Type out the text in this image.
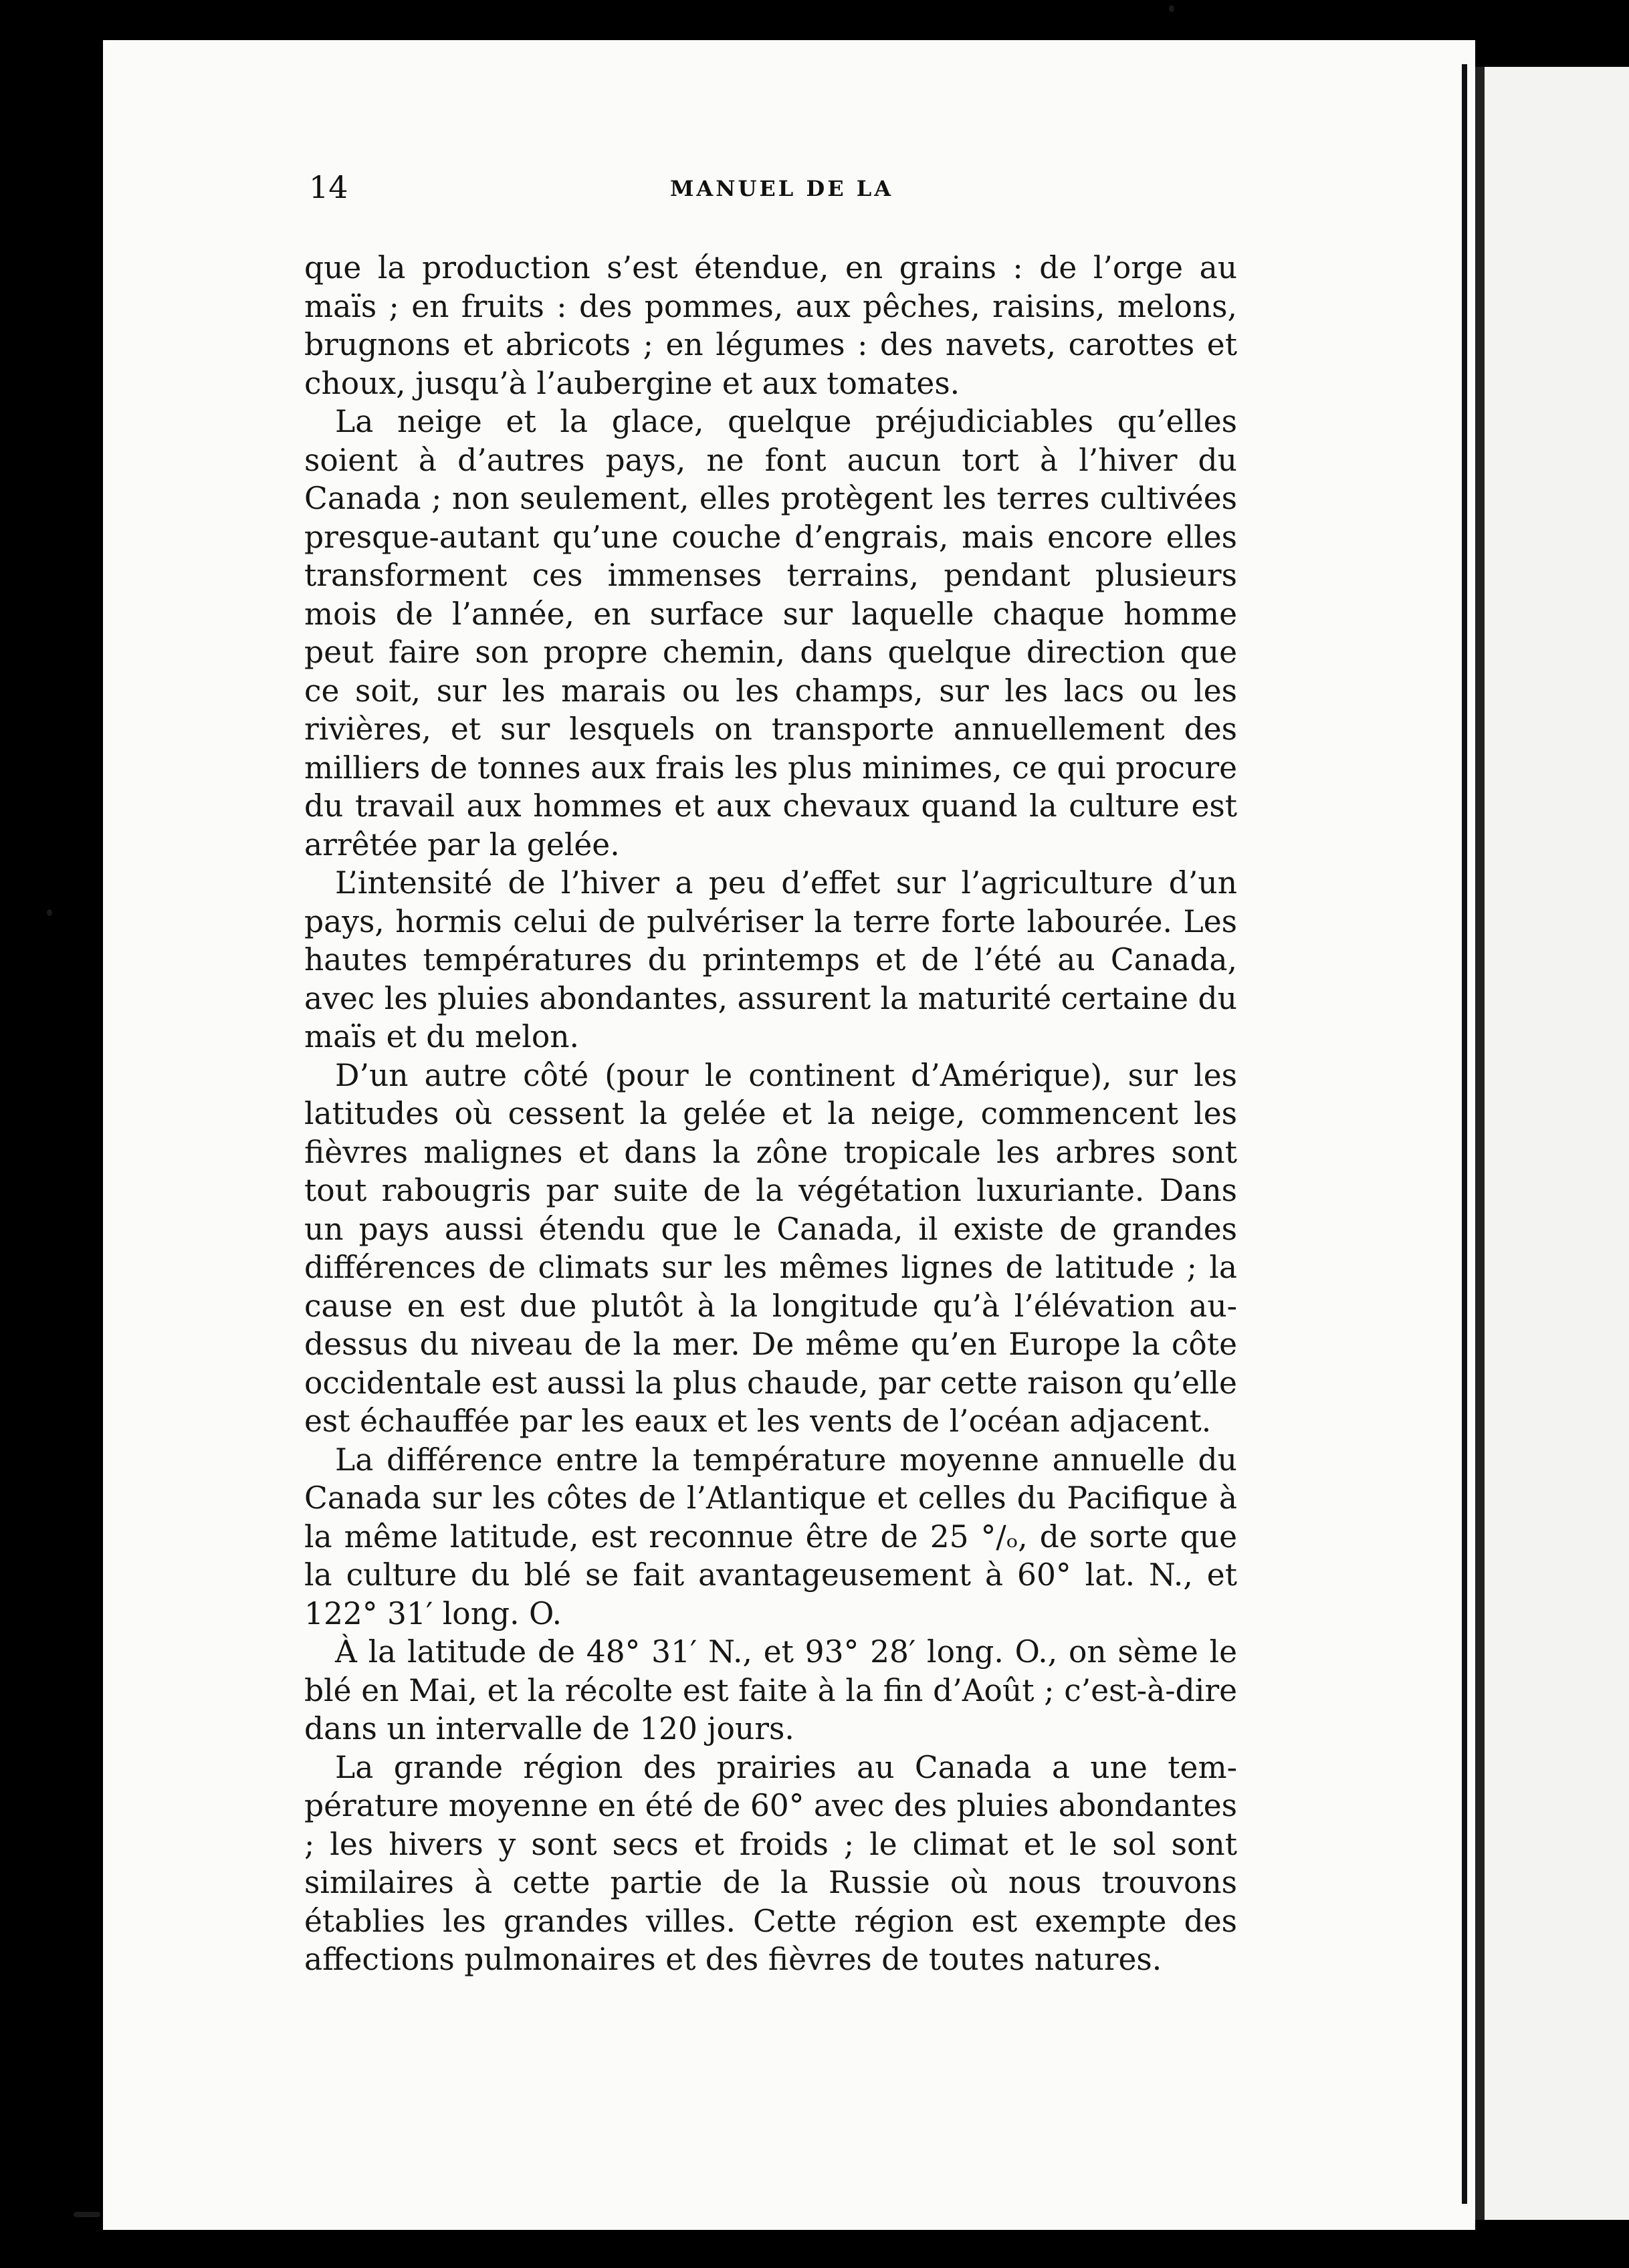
14	MANUEL DE LA

que la production s’est étendue, en grains : de l’orge au maïs ; en fruits : des pommes, aux pêches, raisins, melons, brugnons et abricots ; en légumes : des navets, carottes et choux, jusqu’à l’aubergine et aux tomates.

La neige et la glace, quelque préjudiciables qu’elles soient à d’autres pays, ne font aucun tort à l’hiver du Canada ; non seulement, elles protègent les terres cultivées presque-autant qu’une couche d’engrais, mais encore elles transforment ces immenses terrains, pendant plusieurs mois de l’année, en surface sur laquelle chaque homme peut faire son propre chemin, dans quelque direction que ce soit, sur les marais ou les champs, sur les lacs ou les rivières, et sur lesquels on transporte annuellement des milliers de tonnes aux frais les plus minimes, ce qui procure du travail aux hommes et aux chevaux quand la culture est arrêtée par la gelée.

L’intensité de l’hiver a peu d’effet sur l’agriculture d’un pays, hormis celui de pulvériser la terre forte labourée. Les hautes températures du printemps et de l’été au Canada, avec les pluies abondantes, assurent la maturité certaine du maïs et du melon.

D’un autre côté (pour le continent d’Amérique), sur les latitudes où cessent la gelée et la neige, commencent les fièvres malignes et dans la zône tropicale les arbres sont tout rabougris par suite de la végétation luxuriante. Dans un pays aussi étendu que le Canada, il existe de grandes différences de climats sur les mêmes lignes de latitude ; la cause en est due plutôt à la longitude qu’à l’élévation au-dessus du niveau de la mer. De même qu’en Europe la côte occidentale est aussi la plus chaude, par cette raison qu’elle est échauffée par les eaux et les vents de l’océan adjacent.

La différence entre la température moyenne annuelle du Canada sur les côtes de l’Atlantique et celles du Pacifique à la même latitude, est reconnue être de 25 °/ₒ, de sorte que la culture du blé se fait avantageusement à 60° lat. N., et 122° 31′ long. O.

À la latitude de 48° 31′ N., et 93° 28′ long. O., on sème le blé en Mai, et la récolte est faite à la fin d’Août ; c’est-à-dire dans un intervalle de 120 jours.

La grande région des prairies au Canada a une température moyenne en été de 60° avec des pluies abondantes ; les hivers y sont secs et froids ; le climat et le sol sont similaires à cette partie de la Russie où nous trouvons établies les grandes villes. Cette région est exempte des affections pulmonaires et des fièvres de toutes natures.
